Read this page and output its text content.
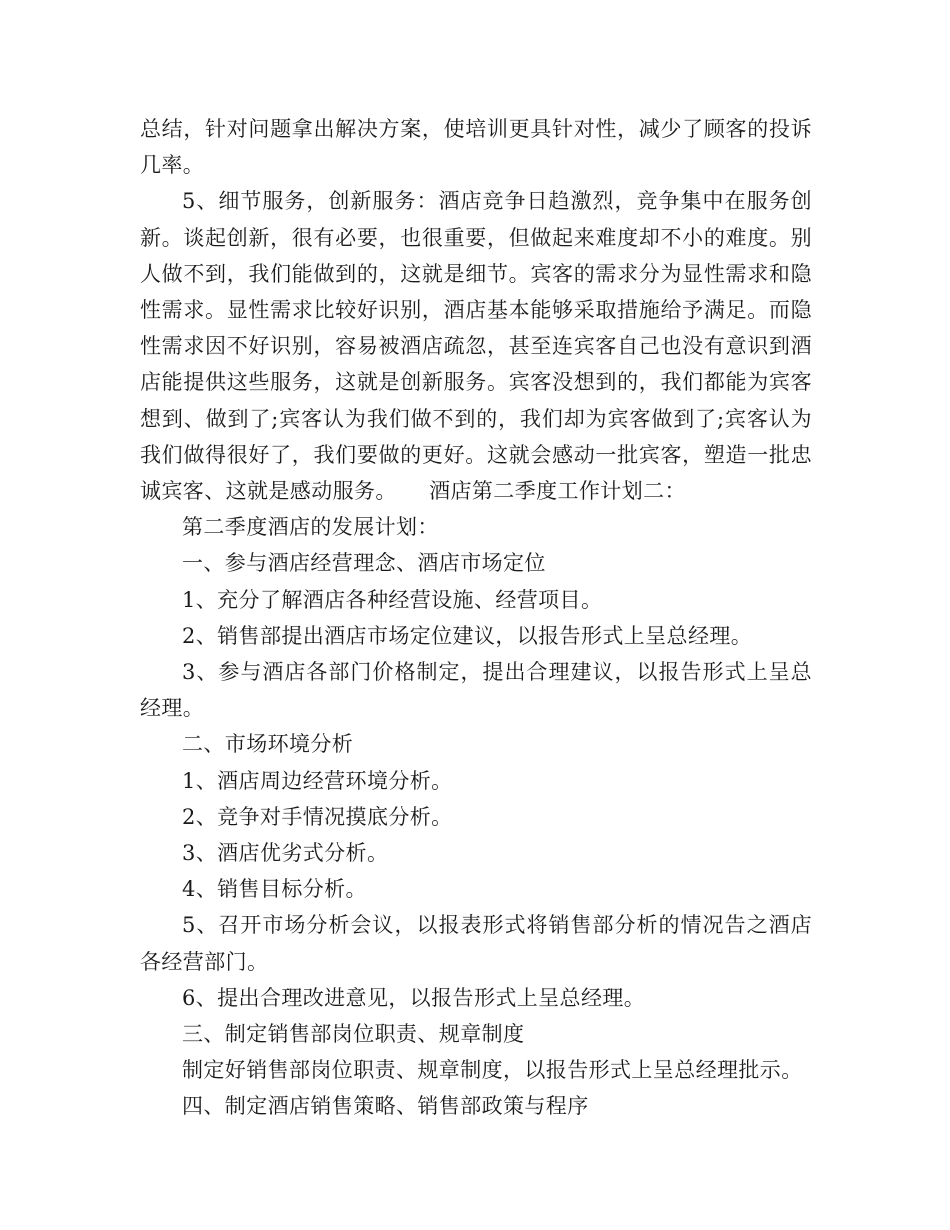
总结，针对问题拿出解决方案，使培训更具针对性，减少了顾客的投诉几率。

5、细节服务，创新服务：酒店竞争日趋激烈，竞争集中在服务创新。谈起创新，很有必要，也很重要，但做起来难度却不小的难度。别人做不到，我们能做到的，这就是细节。宾客的需求分为显性需求和隐性需求。显性需求比较好识别，酒店基本能够采取措施给予满足。而隐性需求因不好识别，容易被酒店疏忽，甚至连宾客自己也没有意识到酒店能提供这些服务，这就是创新服务。宾客没想到的，我们都能为宾客想到、做到了;宾客认为我们做不到的，我们却为宾客做到了;宾客认为我们做得很好了，我们要做的更好。这就会感动一批宾客，塑造一批忠诚宾客、这就是感动服务。　　酒店第二季度工作计划二：

第二季度酒店的发展计划：

一、参与酒店经营理念、酒店市场定位

1、充分了解酒店各种经营设施、经营项目。

2、销售部提出酒店市场定位建议，以报告形式上呈总经理。

3、参与酒店各部门价格制定，提出合理建议，以报告形式上呈总经理。

二、市场环境分析

1、酒店周边经营环境分析。

2、竞争对手情况摸底分析。

3、酒店优劣式分析。

4、销售目标分析。

5、召开市场分析会议，以报表形式将销售部分析的情况告之酒店各经营部门。

6、提出合理改进意见，以报告形式上呈总经理。

三、制定销售部岗位职责、规章制度

制定好销售部岗位职责、规章制度，以报告形式上呈总经理批示。

四、制定酒店销售策略、销售部政策与程序
